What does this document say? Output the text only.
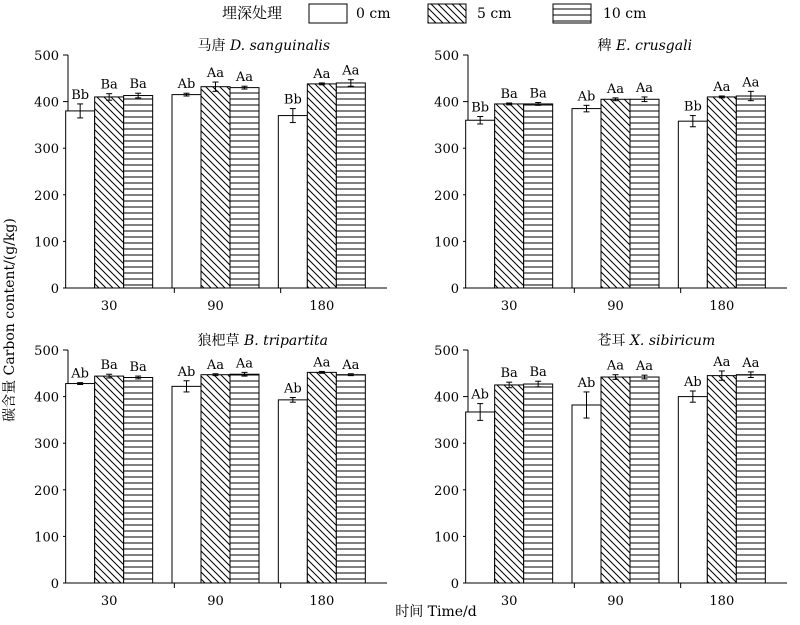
埋深处理	0 cm	5 cm	10 cm
碳含量 Carbon content/(g/kg)
时间 Time/d
马唐 D. sanguinalis
0
100
200
300
400
500
30
Bb
Ba Ba
90
Ab
Aa Aa
180
Bb
Aa Aa
稗 E. crusgali
0
100
200
300
400
500
30
Bb
Ba Ba
90
Ab Aa Aa
180
Bb
Aa Aa
狼杷草 B. tripartita
0
100
200
300
400
500
30
Ab
Ba Ba
90
Ab Aa Aa
180
Ab
Aa Aa
苍耳 X. sibiricum
0
100
200
300
400
500
30
Ab
Ba Ba
90
Ab
Aa Aa
180
Ab
Aa Aa
